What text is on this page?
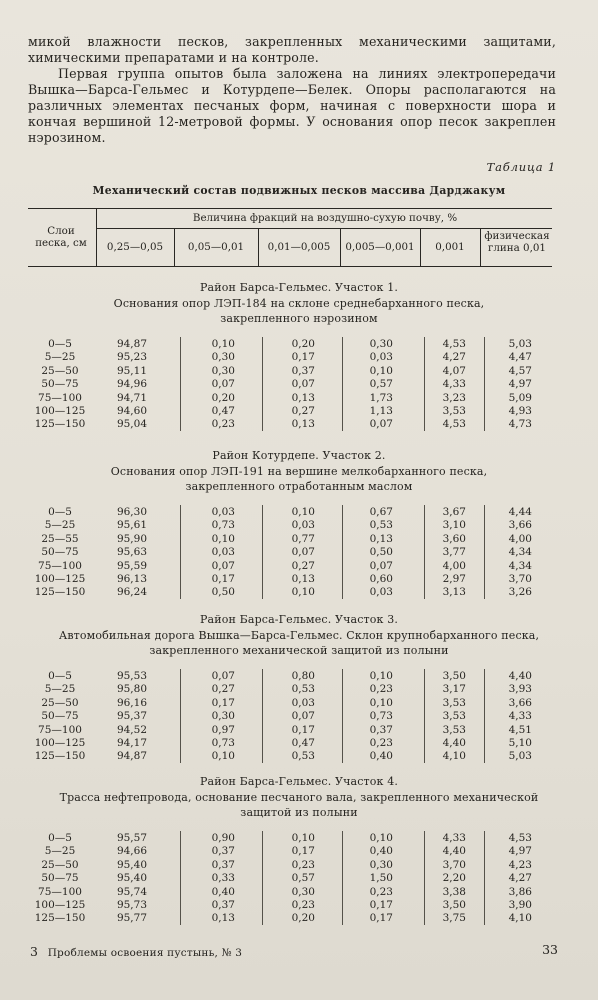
микой влажности песков, закрепленных механическими защитами, химическими препаратами и на контроле.

Первая группа опытов была заложена на линиях электропередачи Вышка—Барса-Гельмес и Котурдепе—Белек. Опоры располагаются на различных элементах песчаных форм, начиная с поверхности шора и кончая вершиной 12-метровой формы. У основания опор песок закреплен нэрозином.

Таблица 1
Механический состав подвижных песков массива Дарджакум
Слои песка, см
Величина фракций на воздушно-сухую почву, %
0,25—0,05	0,05—0,01	0,01—0,005	0,005—0,001	0,001
физическая глина 0,01
Район Барса-Гельмес. Участок 1.
Основания опор ЛЭП-184 на склоне среднебарханного песка,
закрепленного нэрозином
0—5	94,87	0,10	0,20	0,30	4,53	5,03
5—25	95,23	0,30	0,17	0,03	4,27	4,47
25—50	95,11	0,30	0,37	0,10	4,07	4,57
50—75	94,96	0,07	0,07	0,57	4,33	4,97
75—100	94,71	0,20	0,13	1,73	3,23	5,09
100—125	94,60	0,47	0,27	1,13	3,53	4,93
125—150	95,04	0,23	0,13	0,07	4,53	4,73
Район Котурдепе. Участок 2.
Основания опор ЛЭП-191 на вершине мелкобарханного песка,
закрепленного отработанным маслом
0—5	96,30	0,03	0,10	0,67	3,67	4,44
5—25	95,61	0,73	0,03	0,53	3,10	3,66
25—55	95,90	0,10	0,77	0,13	3,60	4,00
50—75	95,63	0,03	0,07	0,50	3,77	4,34
75—100	95,59	0,07	0,27	0,07	4,00	4,34
100—125	96,13	0,17	0,13	0,60	2,97	3,70
125—150	96,24	0,50	0,10	0,03	3,13	3,26
Район Барса-Гельмес. Участок 3.
Автомобильная дорога Вышка—Барса-Гельмес. Склон крупнобарханного песка,
закрепленного механической защитой из полыни
0—5	95,53	0,07	0,80	0,10	3,50	4,40
5—25	95,80	0,27	0,53	0,23	3,17	3,93
25—50	96,16	0,17	0,03	0,10	3,53	3,66
50—75	95,37	0,30	0,07	0,73	3,53	4,33
75—100	94,52	0,97	0,17	0,37	3,53	4,51
100—125	94,17	0,73	0,47	0,23	4,40	5,10
125—150	94,87	0,10	0,53	0,40	4,10	5,03
Район Барса-Гельмес. Участок 4.
Трасса нефтепровода, основание песчаного вала, закрепленного механической
защитой из полыни
0—5	95,57	0,90	0,10	0,10	4,33	4,53
5—25	94,66	0,37	0,17	0,40	4,40	4,97
25—50	95,40	0,37	0,23	0,30	3,70	4,23
50—75	95,40	0,33	0,57	1,50	2,20	4,27
75—100	95,74	0,40	0,30	0,23	3,38	3,86
100—125	95,73	0,37	0,23	0,17	3,50	3,90
125—150	95,77	0,13	0,20	0,17	3,75	4,10
3 Проблемы освоения пустынь, № 3	33
